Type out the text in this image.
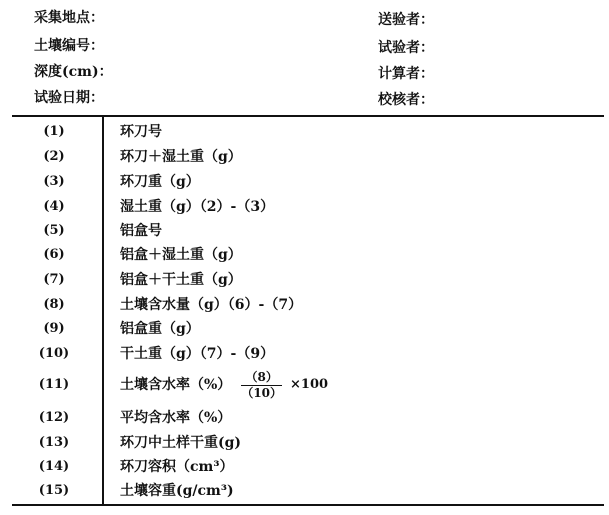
采集地点：
土壤编号：
深度(cm)：
试验日期：
送验者：
试验者：
计算者：
校核者：
(1)	环刀号
(2)	环刀＋湿土重（g）
(3)	环刀重（g）
(4)	湿土重（g）（2）-（3）
(5)	铝盒号
(6)	铝盒＋湿土重（g）
(7)	铝盒＋干土重（g）
(8)	土壤含水量（g）（6）-（7）
(9)	铝盒重（g）
(10)	干土重（g）（7）-（9）
(11)	土壤含水率（%） $\frac{(8)}{(10)} \times 100$
(12)	平均含水率（%）
(13)	环刀中土样干重(g)
(14)	环刀容积（cm³）
(15)	土壤容重(g/cm³)
